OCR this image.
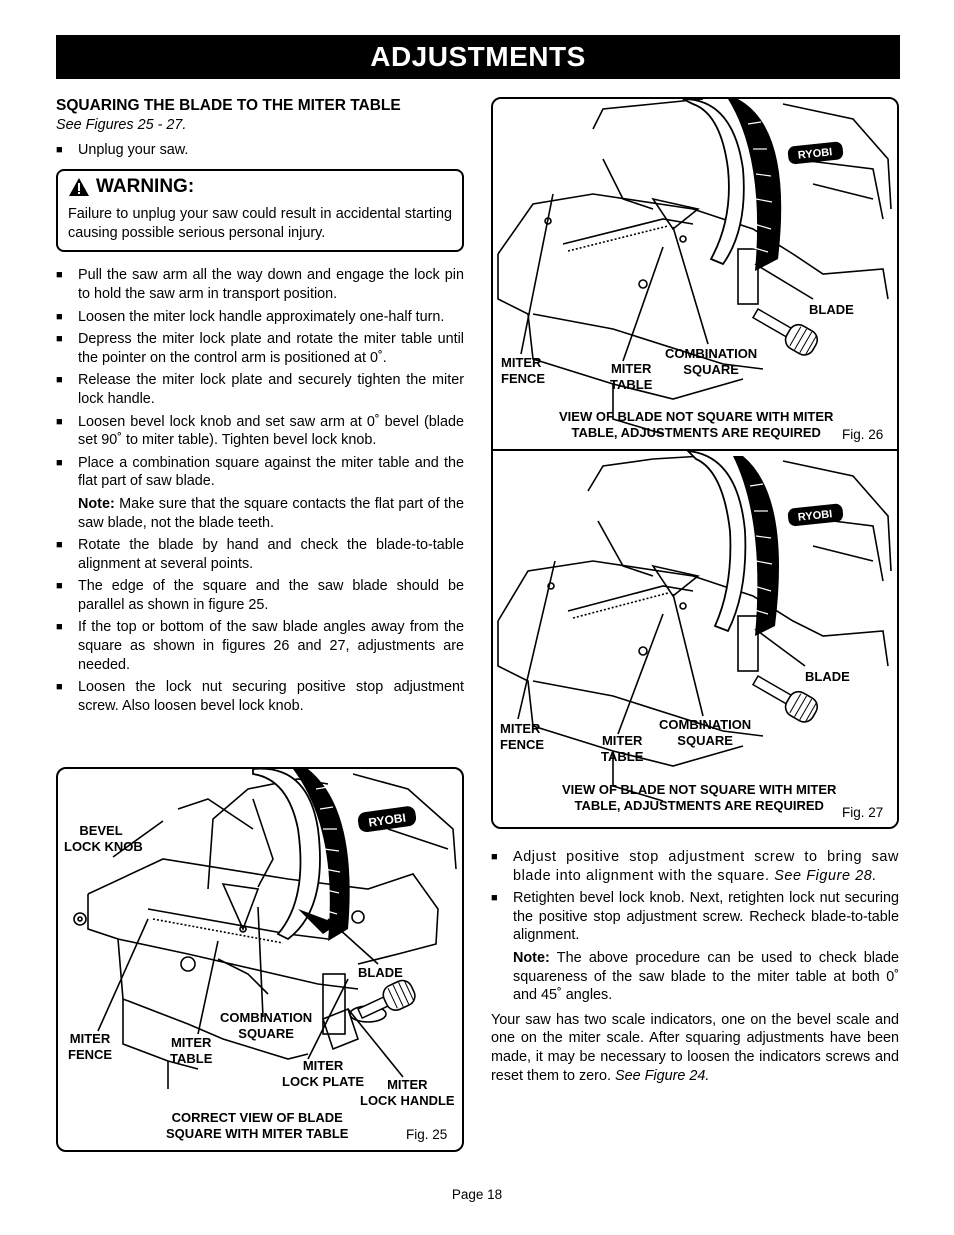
ADJUSTMENTS
SQUARING THE BLADE TO THE MITER TABLE
See Figures 25 - 27.
■	Unplug your saw.
WARNING:
Failure to unplug your saw could result in accidental starting causing possible serious personal injury.
■	Pull the saw arm all the way down and engage the lock pin to hold the saw arm in transport position.
■	Loosen the miter lock handle approximately one-half turn.
■	Depress the miter lock plate and rotate the miter table until the pointer on the control arm is positioned at 0˚.
■	Release the miter lock plate and securely tighten the miter lock handle.
■	Loosen bevel lock knob and set saw arm at 0˚ bevel (blade set 90˚ to miter table). Tighten bevel lock knob.
■	Place a combination square against the miter table and the flat part of saw blade.
Note: Make sure that the square contacts the flat part of the saw blade, not the blade teeth.
■	Rotate the blade by hand and check the blade-to-table alignment at several points.
■	The edge of the square and the saw blade should be parallel as shown in figure 25.
■	If the top or bottom of the saw blade angles away from the square as shown in figures 26 and 27, adjustments are needed.
■	Loosen the lock nut securing positive stop adjustment screw. Also loosen bevel lock knob.
RYOBI
BEVEL
LOCK KNOB
BLADE
COMBINATION
SQUARE
MITER
FENCE
MITER
TABLE	MITER
LOCK PLATE	MITER
LOCK HANDLE
CORRECT VIEW OF BLADE
SQUARE WITH MITER TABLE	Fig. 25
RYOBI
BLADE
MITER
FENCE
MITER
TABLE
COMBINATION
SQUARE
VIEW OF BLADE NOT SQUARE WITH MITER
TABLE, ADJUSTMENTS ARE REQUIRED	Fig. 26
RYOBI
BLADE
MITER
FENCE	MITER
TABLE
COMBINATION
SQUARE
VIEW OF BLADE NOT SQUARE WITH MITER
TABLE, ADJUSTMENTS ARE REQUIRED	Fig. 27
■	Adjust positive stop adjustment screw to bring saw blade into alignment with the square. See Figure 28.
■	Retighten bevel lock knob. Next, retighten lock nut securing the positive stop adjustment screw. Recheck blade-to-table alignment.
Note: The above procedure can be used to check blade squareness of the saw blade to the miter table at both 0˚ and 45˚ angles.
Your saw has two scale indicators, one on the bevel scale and one on the miter scale. After squaring adjustments have been made, it may be necessary to loosen the indicators screws and reset them to zero. See Figure 24.
Page 18
